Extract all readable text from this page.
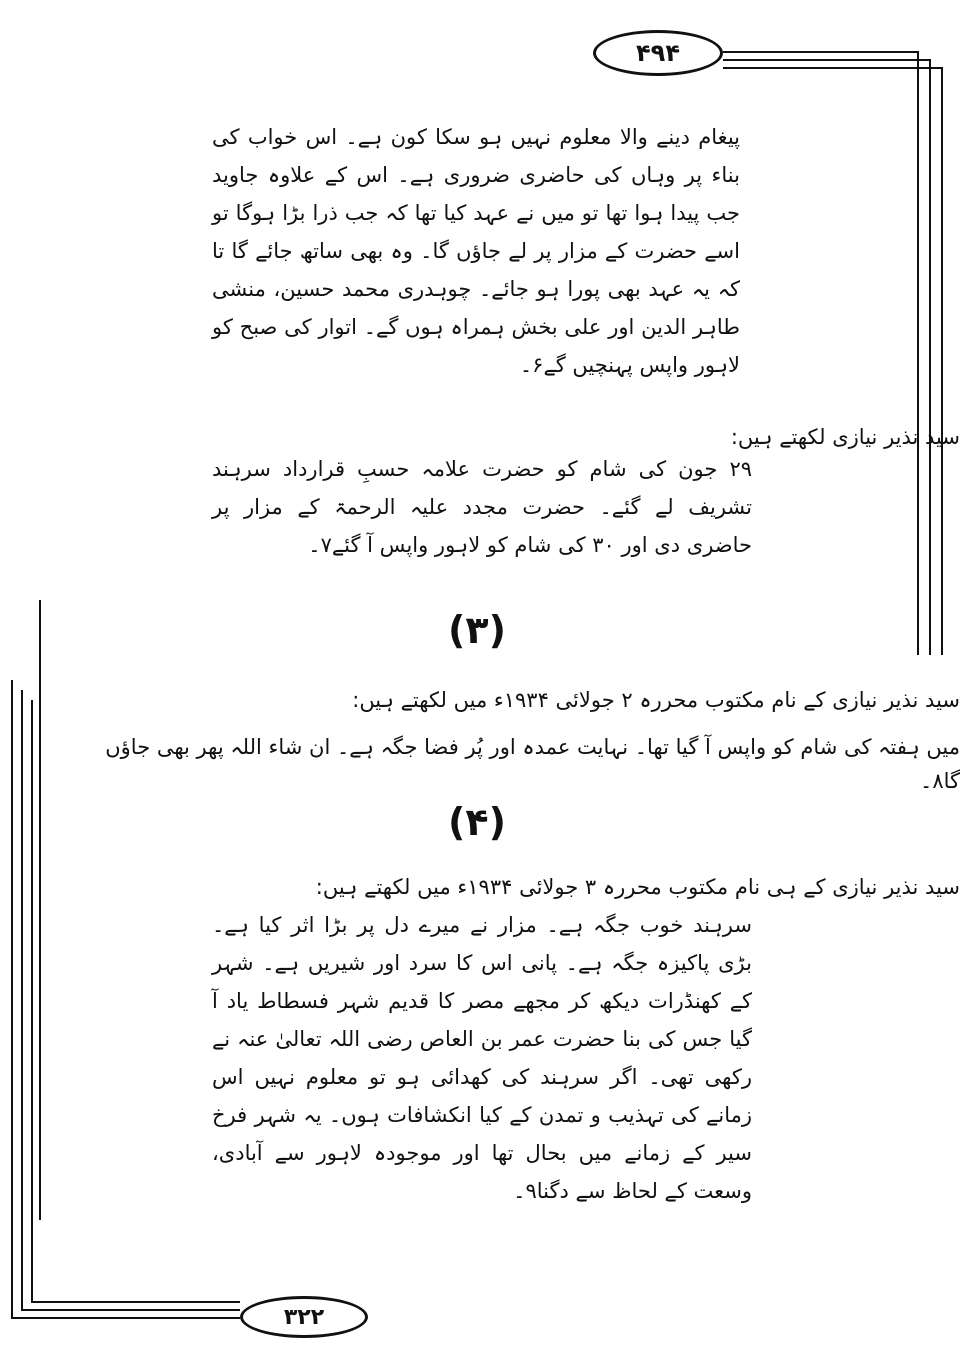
۴۹۴
پیغام دینے والا معلوم نہیں ہو سکا کون ہے۔ اس خواب کی بناء پر وہاں کی حاضری ضروری ہے۔ اس کے علاوہ جاوید جب پیدا ہوا تھا تو میں نے عہد کیا تھا کہ جب ذرا بڑا ہوگا تو اسے حضرت کے مزار پر لے جاؤں گا۔ وہ بھی ساتھ جائے گا تا کہ یہ عہد بھی پورا ہو جائے۔ چوہدری محمد حسین، منشی طاہر الدین اور علی بخش ہمراہ ہوں گے۔ اتوار کی صبح کو لاہور واپس پہنچیں گے۶۔
سید نذیر نیازی لکھتے ہیں:
۲۹ جون کی شام کو حضرت علامہ حسبِ قرارداد سرہند تشریف لے گئے۔ حضرت مجدد علیہ الرحمۃ کے مزار پر حاضری دی اور ۳۰ کی شام کو لاہور واپس آ گئے۷۔
(۳)
سید نذیر نیازی کے نام مکتوب محررہ ۲ جولائی ۱۹۳۴ء میں لکھتے ہیں:
میں ہفتہ کی شام کو واپس آ گیا تھا۔ نہایت عمدہ اور پُر فضا جگہ ہے۔ ان شاء اللہ پھر بھی جاؤں گا۸۔
(۴)
سید نذیر نیازی کے ہی نام مکتوب محررہ ۳ جولائی ۱۹۳۴ء میں لکھتے ہیں:
سرہند خوب جگہ ہے۔ مزار نے میرے دل پر بڑا اثر کیا ہے۔ بڑی پاکیزہ جگہ ہے۔ پانی اس کا سرد اور شیریں ہے۔ شہر کے کھنڈرات دیکھ کر مجھے مصر کا قدیم شہر فسطاط یاد آ گیا جس کی بنا حضرت عمر بن العاص رضی اللہ تعالیٰ عنہ نے رکھی تھی۔ اگر سرہند کی کھدائی ہو تو معلوم نہیں اس زمانے کی تہذیب و تمدن کے کیا انکشافات ہوں۔ یہ شہر فرخ سیر کے زمانے میں بحال تھا اور موجودہ لاہور سے آبادی، وسعت کے لحاظ سے دگنا۹۔
۳۲۲
